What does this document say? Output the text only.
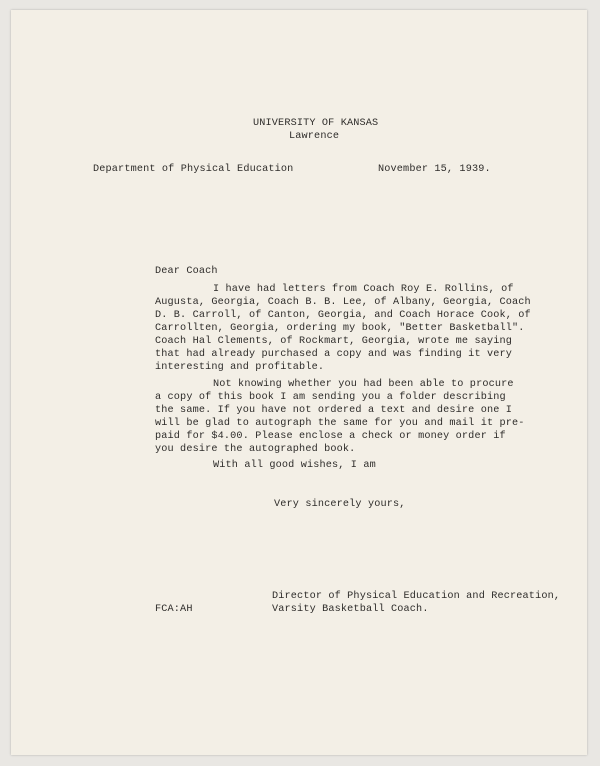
UNIVERSITY OF KANSAS
Lawrence
Department of Physical Education	November 15, 1939.
Dear Coach
I have had letters from Coach Roy E. Rollins, of
Augusta, Georgia, Coach B. B. Lee, of Albany, Georgia, Coach
D. B. Carroll, of Canton, Georgia, and Coach Horace Cook, of
Carrollten, Georgia, ordering my book, "Better Basketball".
Coach Hal Clements, of Rockmart, Georgia, wrote me saying
that had already purchased a copy and was finding it very
interesting and profitable.
Not knowing whether you had been able to procure
a copy of this book I am sending you a folder describing
the same. If you have not ordered a text and desire one I
will be glad to autograph the same for you and mail it pre-
paid for $4.00. Please enclose a check or money order if
you desire the autographed book.
With all good wishes, I am
Very sincerely yours,
Director of Physical Education and Recreation,
Varsity Basketball Coach.
FCA:AH
